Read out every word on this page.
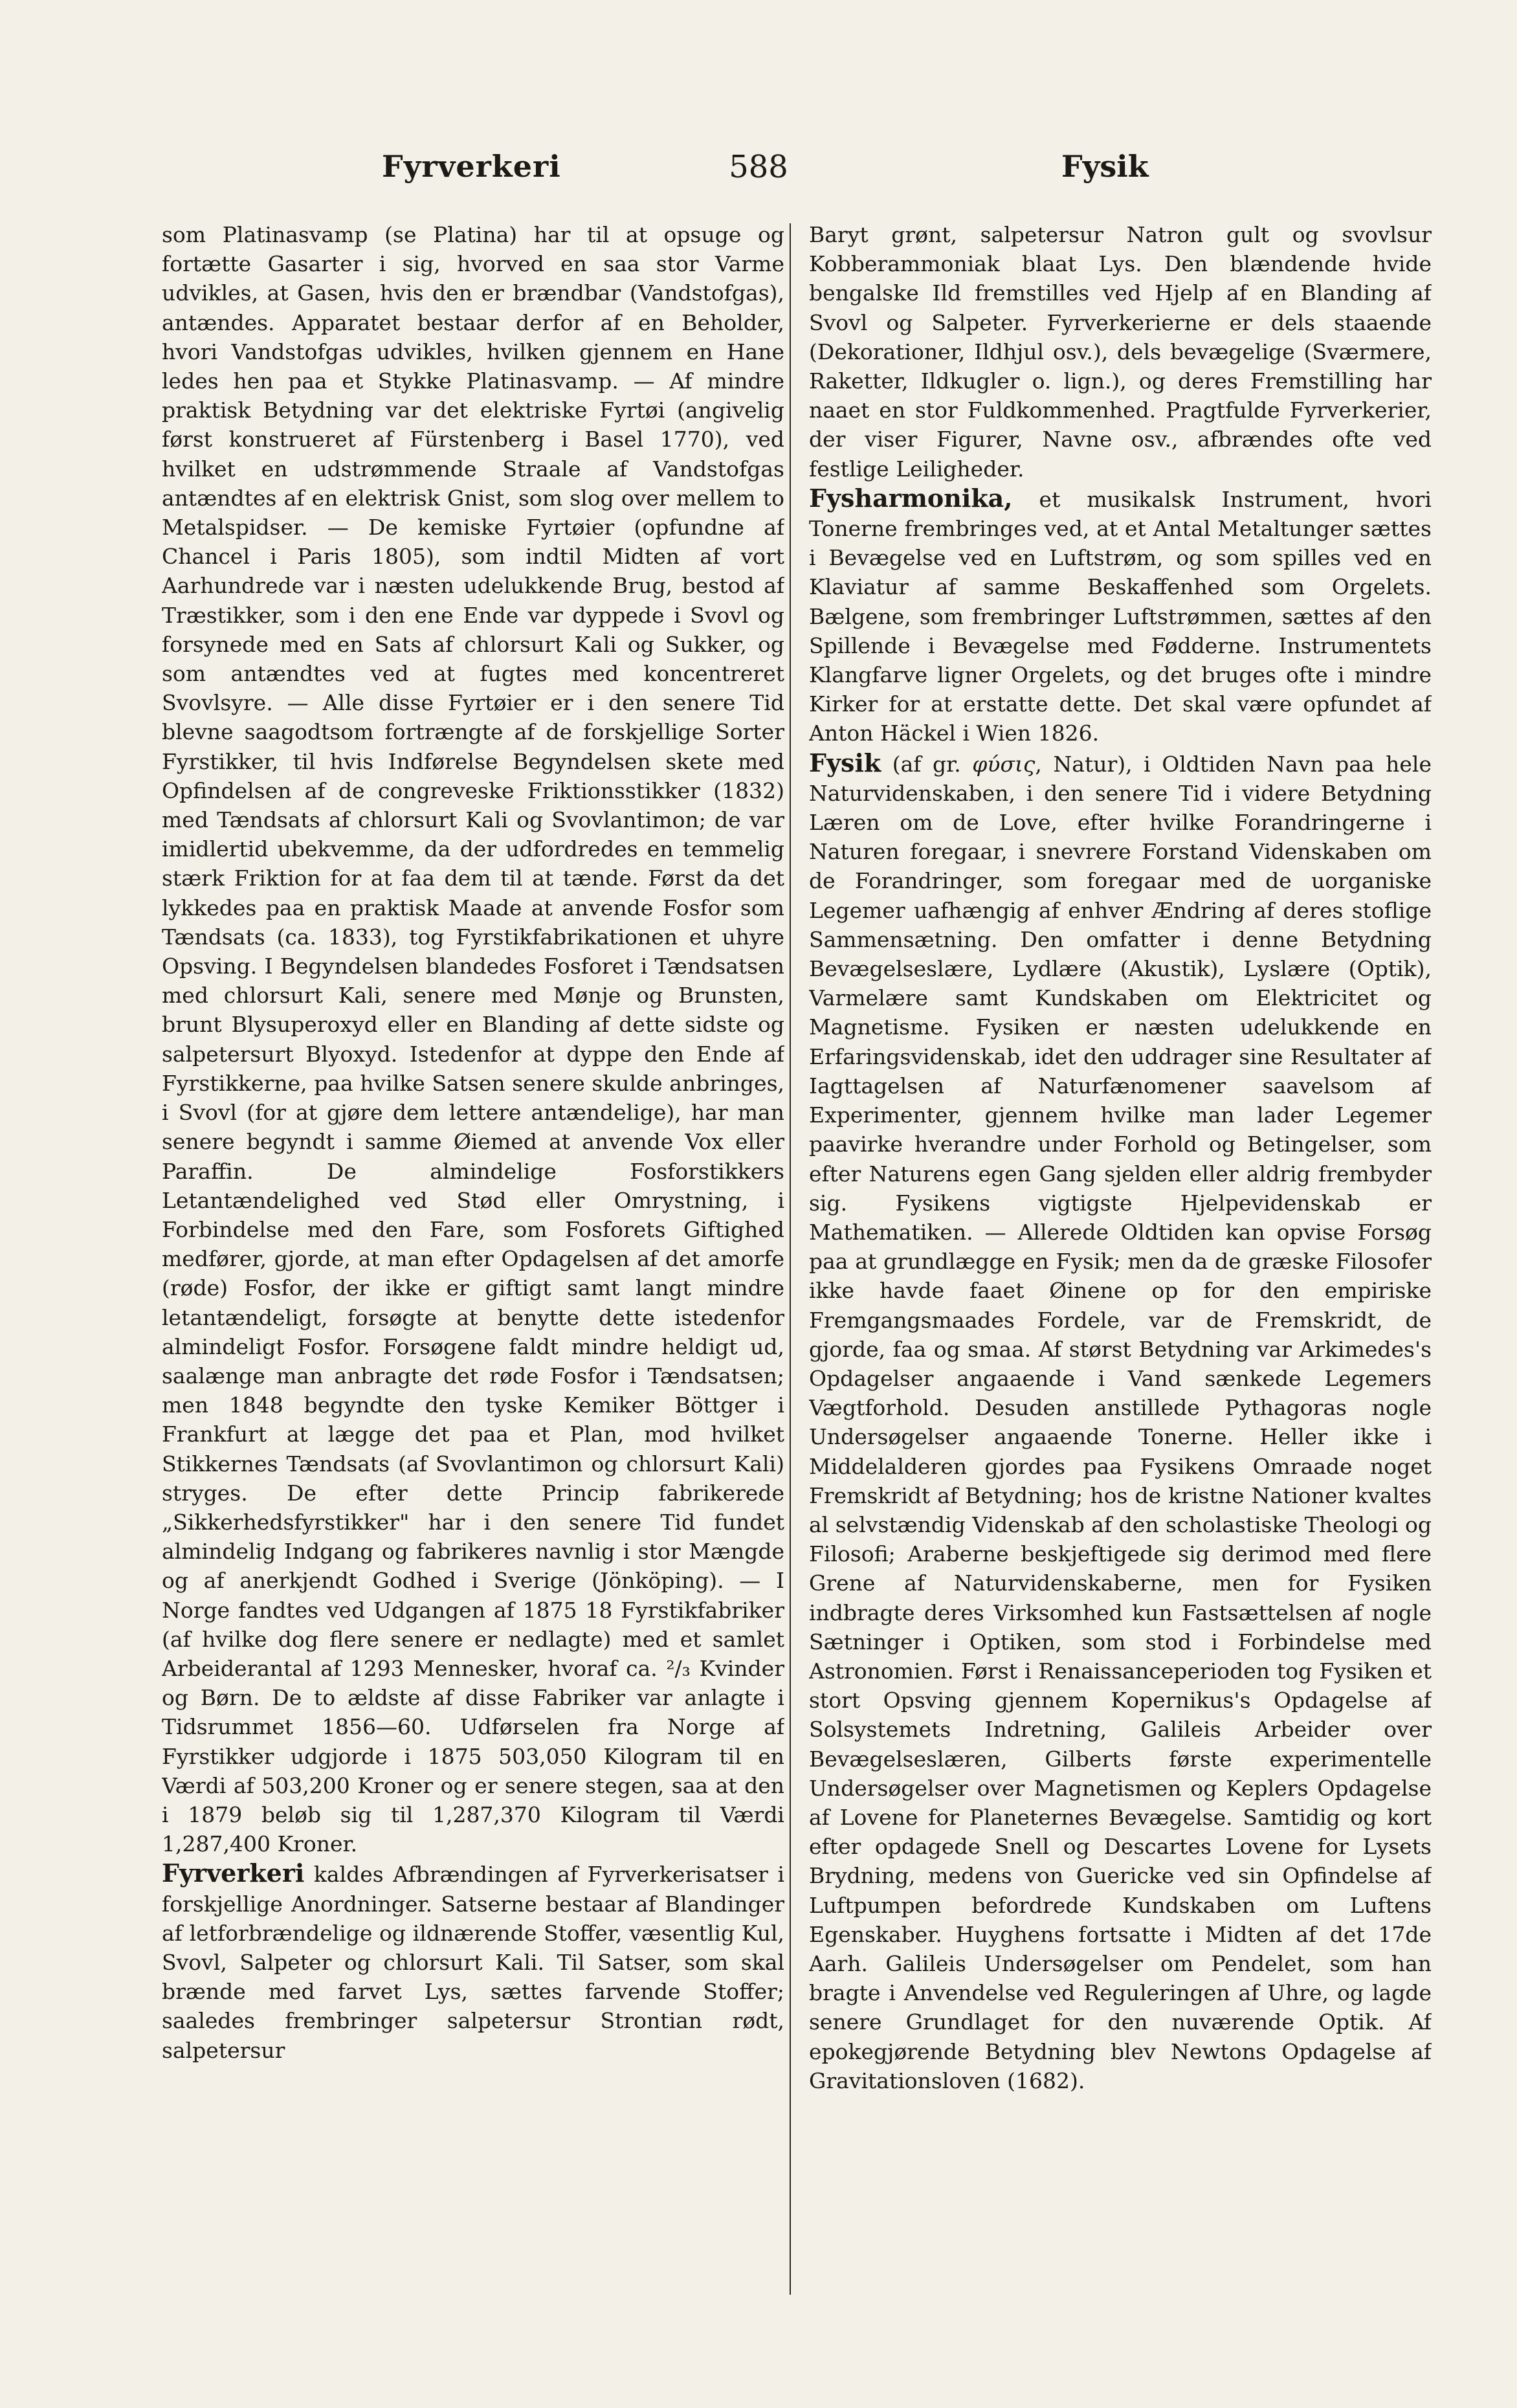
Fyrverkeri	588	Fysik

som Platinasvamp (se Platina) har til at opsuge og fortætte Gasarter i sig, hvorved en saa stor Varme udvikles, at Gasen, hvis den er brændbar (Vandstofgas), antændes. Apparatet bestaar derfor af en Beholder, hvori Vandstofgas udvikles, hvilken gjennem en Hane ledes hen paa et Stykke Platinasvamp. — Af mindre praktisk Betydning var det elektriske Fyrtøi (angivelig først konstrueret af Fürstenberg i Basel 1770), ved hvilket en udstrømmende Straale af Vandstofgas antændtes af en elektrisk Gnist, som slog over mellem to Metalspidser. — De kemiske Fyrtøier (opfundne af Chancel i Paris 1805), som indtil Midten af vort Aarhundrede var i næsten udelukkende Brug, bestod af Træstikker, som i den ene Ende var dyppede i Svovl og forsynede med en Sats af chlorsurt Kali og Sukker, og som antændtes ved at fugtes med koncentreret Svovlsyre. — Alle disse Fyrtøier er i den senere Tid blevne saagodtsom fortrængte af de forskjellige Sorter Fyrstikker, til hvis Indførelse Begyndelsen skete med Opfindelsen af de congreveske Friktionsstikker (1832) med Tændsats af chlorsurt Kali og Svovlantimon; de var imidlertid ubekvemme, da der udfordredes en temmelig stærk Friktion for at faa dem til at tænde. Først da det lykkedes paa en praktisk Maade at anvende Fosfor som Tændsats (ca. 1833), tog Fyrstikfabrikationen et uhyre Opsving. I Begyndelsen blandedes Fosforet i Tændsatsen med chlorsurt Kali, senere med Mønje og Brunsten, brunt Blysuperoxyd eller en Blanding af dette sidste og salpetersurt Blyoxyd. Istedenfor at dyppe den Ende af Fyrstikkerne, paa hvilke Satsen senere skulde anbringes, i Svovl (for at gjøre dem lettere antændelige), har man senere begyndt i samme Øiemed at anvende Vox eller Paraffin. De almindelige Fosforstikkers Letantændelighed ved Stød eller Omrystning, i Forbindelse med den Fare, som Fosforets Giftighed medfører, gjorde, at man efter Opdagelsen af det amorfe (røde) Fosfor, der ikke er giftigt samt langt mindre letantændeligt, forsøgte at benytte dette istedenfor almindeligt Fosfor. Forsøgene faldt mindre heldigt ud, saalænge man anbragte det røde Fosfor i Tændsatsen; men 1848 begyndte den tyske Kemiker Böttger i Frankfurt at lægge det paa et Plan, mod hvilket Stikkernes Tændsats (af Svovlantimon og chlorsurt Kali) stryges. De efter dette Princip fabrikerede „Sikkerhedsfyrstikker" har i den senere Tid fundet almindelig Indgang og fabrikeres navnlig i stor Mængde og af anerkjendt Godhed i Sverige (Jönköping). — I Norge fandtes ved Udgangen af 1875 18 Fyrstikfabriker (af hvilke dog flere senere er nedlagte) med et samlet Arbeiderantal af 1293 Mennesker, hvoraf ca. ²/₃ Kvinder og Børn. De to ældste af disse Fabriker var anlagte i Tidsrummet 1856—60. Udførselen fra Norge af Fyrstikker udgjorde i 1875 503,050 Kilogram til en Værdi af 503,200 Kroner og er senere stegen, saa at den i 1879 beløb sig til 1,287,370 Kilogram til Værdi 1,287,400 Kroner.

Fyrverkeri kaldes Afbrændingen af Fyrverkerisatser i forskjellige Anordninger. Satserne bestaar af Blandinger af letforbrændelige og ildnærende Stoffer, væsentlig Kul, Svovl, Salpeter og chlorsurt Kali. Til Satser, som skal brænde med farvet Lys, sættes farvende Stoffer; saaledes frembringer salpetersur Strontian rødt, salpetersur

Baryt grønt, salpetersur Natron gult og svovlsur Kobberammoniak blaat Lys. Den blændende hvide bengalske Ild fremstilles ved Hjelp af en Blanding af Svovl og Salpeter. Fyrverkerierne er dels staaende (Dekorationer, Ildhjul osv.), dels bevægelige (Sværmere, Raketter, Ildkugler o. lign.), og deres Fremstilling har naaet en stor Fuldkommenhed. Pragtfulde Fyrverkerier, der viser Figurer, Navne osv., afbrændes ofte ved festlige Leiligheder.

Fysharmonika, et musikalsk Instrument, hvori Tonerne frembringes ved, at et Antal Metaltunger sættes i Bevægelse ved en Luftstrøm, og som spilles ved en Klaviatur af samme Beskaffenhed som Orgelets. Bælgene, som frembringer Luftstrømmen, sættes af den Spillende i Bevægelse med Fødderne. Instrumentets Klangfarve ligner Orgelets, og det bruges ofte i mindre Kirker for at erstatte dette. Det skal være opfundet af Anton Häckel i Wien 1826.

Fysik (af gr. φύσις, Natur), i Oldtiden Navn paa hele Naturvidenskaben, i den senere Tid i videre Betydning Læren om de Love, efter hvilke Forandringerne i Naturen foregaar, i snevrere Forstand Videnskaben om de Forandringer, som foregaar med de uorganiske Legemer uafhængig af enhver Ændring af deres stoflige Sammensætning. Den omfatter i denne Betydning Bevægelseslære, Lydlære (Akustik), Lyslære (Optik), Varmelære samt Kundskaben om Elektricitet og Magnetisme. Fysiken er næsten udelukkende en Erfaringsvidenskab, idet den uddrager sine Resultater af Iagttagelsen af Naturfænomener saavelsom af Experimenter, gjennem hvilke man lader Legemer paavirke hverandre under Forhold og Betingelser, som efter Naturens egen Gang sjelden eller aldrig frembyder sig. Fysikens vigtigste Hjelpevidenskab er Mathematiken. — Allerede Oldtiden kan opvise Forsøg paa at grundlægge en Fysik; men da de græske Filosofer ikke havde faaet Øinene op for den empiriske Fremgangsmaades Fordele, var de Fremskridt, de gjorde, faa og smaa. Af størst Betydning var Arkimedes's Opdagelser angaaende i Vand sænkede Legemers Vægtforhold. Desuden anstillede Pythagoras nogle Undersøgelser angaaende Tonerne. Heller ikke i Middelalderen gjordes paa Fysikens Omraade noget Fremskridt af Betydning; hos de kristne Nationer kvaltes al selvstændig Videnskab af den scholastiske Theologi og Filosofi; Araberne beskjeftigede sig derimod med flere Grene af Naturvidenskaberne, men for Fysiken indbragte deres Virksomhed kun Fastsættelsen af nogle Sætninger i Optiken, som stod i Forbindelse med Astronomien. Først i Renaissanceperioden tog Fysiken et stort Opsving gjennem Kopernikus's Opdagelse af Solsystemets Indretning, Galileis Arbeider over Bevægelseslæren, Gilberts første experimentelle Undersøgelser over Magnetismen og Keplers Opdagelse af Lovene for Planeternes Bevægelse. Samtidig og kort efter opdagede Snell og Descartes Lovene for Lysets Brydning, medens von Guericke ved sin Opfindelse af Luftpumpen befordrede Kundskaben om Luftens Egenskaber. Huyghens fortsatte i Midten af det 17de Aarh. Galileis Undersøgelser om Pendelet, som han bragte i Anvendelse ved Reguleringen af Uhre, og lagde senere Grundlaget for den nuværende Optik. Af epokegjørende Betydning blev Newtons Opdagelse af Gravitationsloven (1682).
